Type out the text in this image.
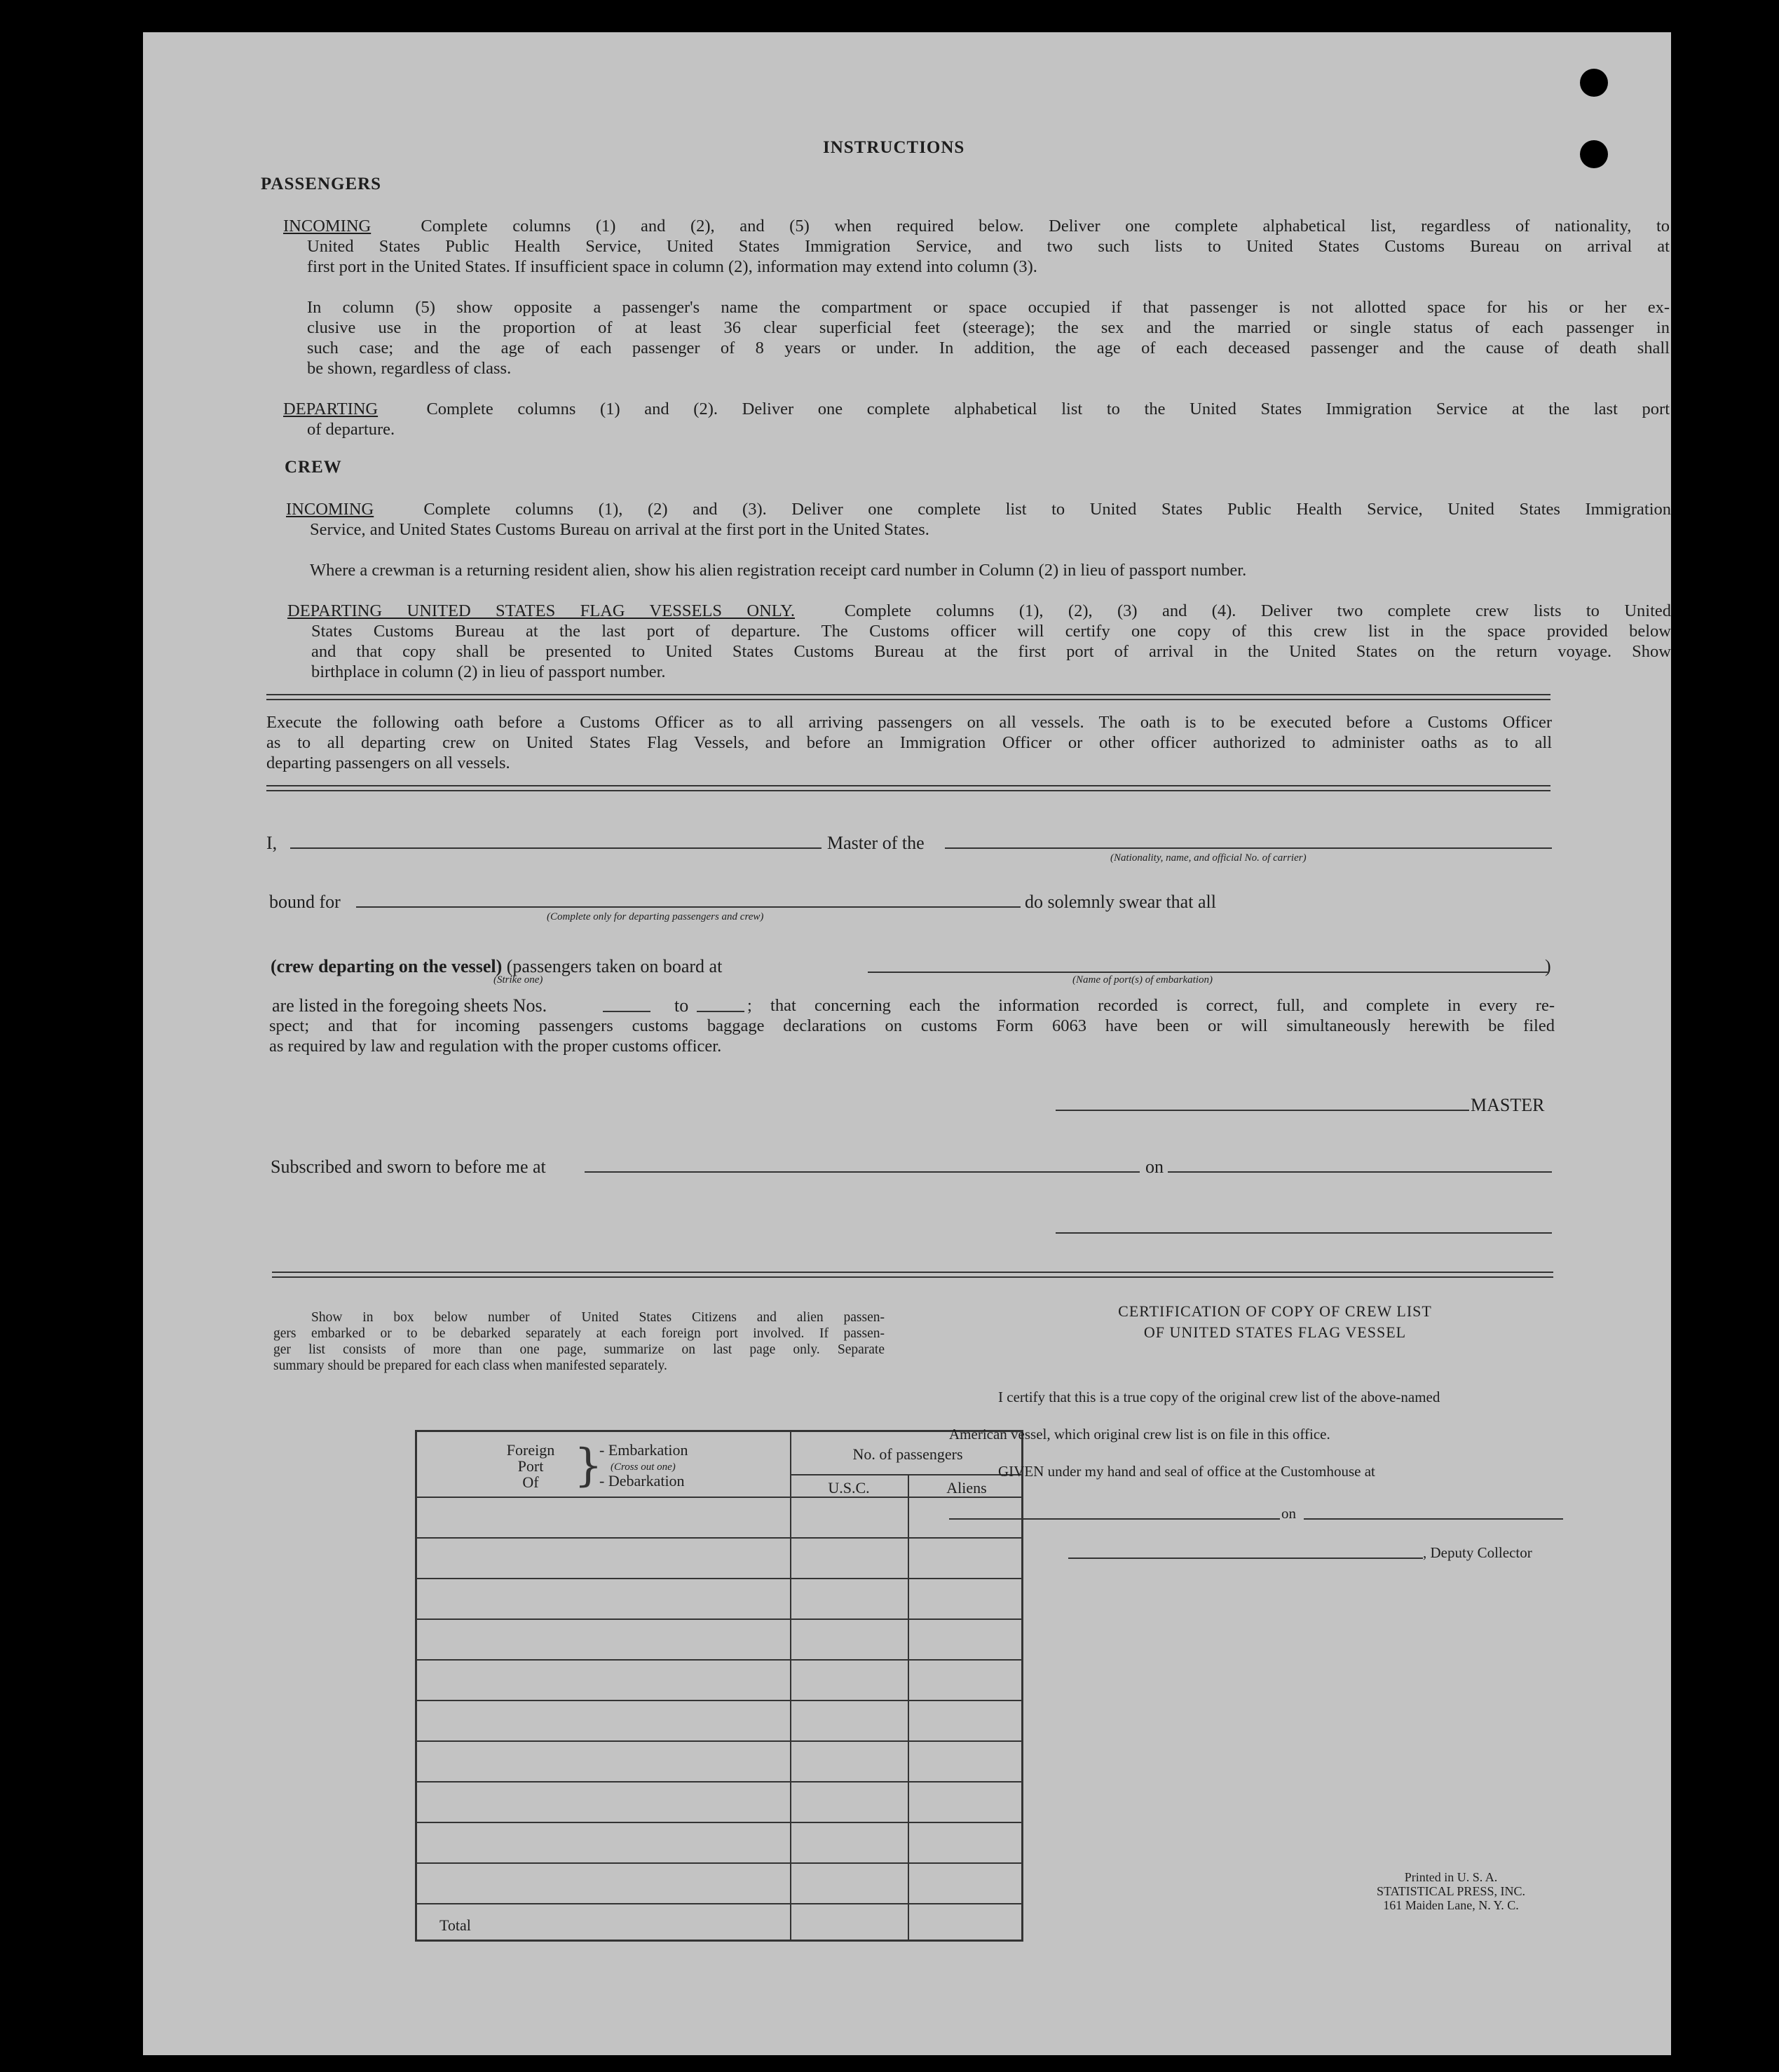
INSTRUCTIONS
PASSENGERS
INCOMING	Complete columns (1) and (2), and (5) when required below. Deliver one complete alphabetical list, regardless of nationality, to
United States Public Health Service, United States Immigration Service, and two such lists to United States Customs Bureau on arrival at
first port in the United States. If insufficient space in column (2), information may extend into column (3).
In column (5) show opposite a passenger's name the compartment or space occupied if that passenger is not allotted space for his or her ex-
clusive use in the proportion of at least 36 clear superficial feet (steerage); the sex and the married or single status of each passenger in
such case; and the age of each passenger of 8 years or under. In addition, the age of each deceased passenger and the cause of death shall
be shown, regardless of class.
DEPARTING	Complete columns (1) and (2). Deliver one complete alphabetical list to the United States Immigration Service at the last port
of departure.
CREW
INCOMING	Complete columns (1), (2) and (3). Deliver one complete list to United States Public Health Service, United States Immigration
Service, and United States Customs Bureau on arrival at the first port in the United States.
Where a crewman is a returning resident alien, show his alien registration receipt card number in Column (2) in lieu of passport number.
DEPARTING UNITED STATES FLAG VESSELS ONLY.	Complete columns (1), (2), (3) and (4). Deliver two complete crew lists to United
States Customs Bureau at the last port of departure. The Customs officer will certify one copy of this crew list in the space provided below
and that copy shall be presented to United States Customs Bureau at the first port of arrival in the United States on the return voyage. Show
birthplace in column (2) in lieu of passport number.
Execute the following oath before a Customs Officer as to all arriving passengers on all vessels. The oath is to be executed before a Customs Officer
as to all departing crew on United States Flag Vessels, and before an Immigration Officer or other officer authorized to administer oaths as to all
departing passengers on all vessels.
I,	Master of the
(Nationality, name, and official No. of carrier)
bound for
(Complete only for departing passengers and crew)
do solemnly swear that all
(crew departing on the vessel) (passengers taken on board at
(Strike one)	(Name of port(s) of embarkation)
)
are listed in the foregoing sheets Nos.	to	; that concerning each the information recorded is correct, full, and complete in every re-
spect; and that for incoming passengers customs baggage declarations on customs Form 6063 have been or will simultaneously herewith be filed
as required by law and regulation with the proper customs officer.
MASTER
Subscribed and sworn to before me at	on
Show in box below number of United States Citizens and alien passen-
gers embarked or to be debarked separately at each foreign port involved. If passen-
ger list consists of more than one page, summarize on last page only. Separate
summary should be prepared for each class when manifested separately.
Foreign
Port
Of }
- Embarkation
(Cross out one)
- Debarkation
No. of passengers
U.S.C.	Aliens
Total
CERTIFICATION OF COPY OF CREW LIST
OF UNITED STATES FLAG VESSEL
I certify that this is a true copy of the original crew list of the above-named
American vessel, which original crew list is on file in this office.
GIVEN under my hand and seal of office at the Customhouse at
on
, Deputy Collector
Printed in U. S. A.
STATISTICAL PRESS, INC.
161 Maiden Lane, N. Y. C.
